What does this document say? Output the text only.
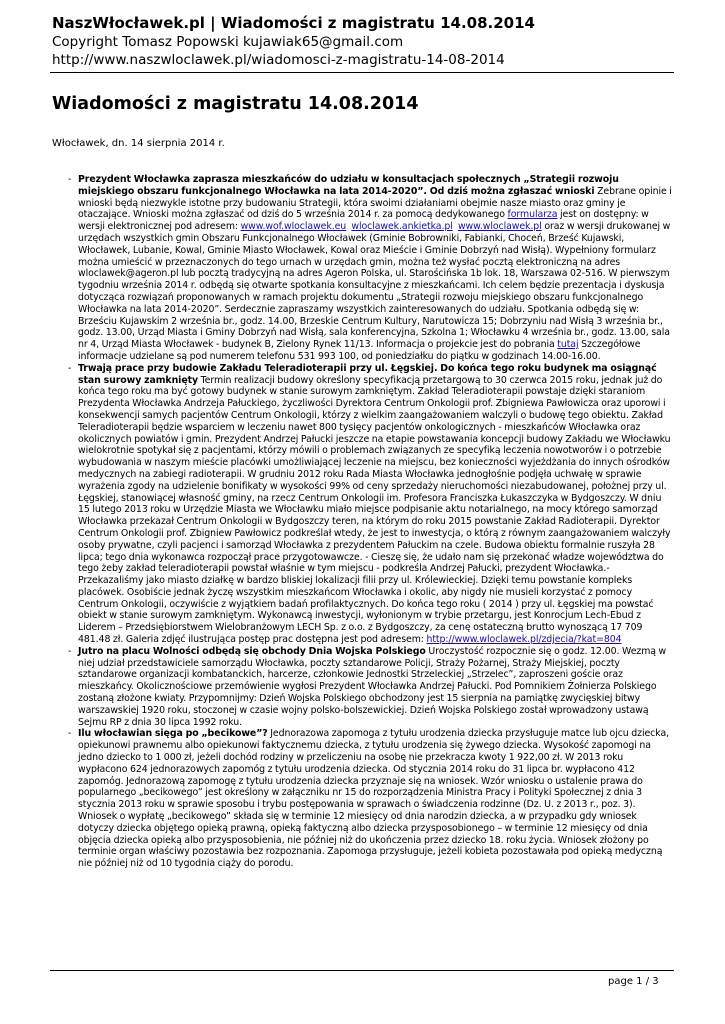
NaszWłocławek.pl | Wiadomości z magistratu 14.08.2014
Copyright Tomasz Popowski kujawiak65@gmail.com
http://www.naszwloclawek.pl/wiadomosci-z-magistratu-14-08-2014
Wiadomości z magistratu 14.08.2014
Włocławek, dn. 14 sierpnia 2014 r.
- Prezydent Włocławka zaprasza mieszkańców do udziału w konsultacjach społecznych „Strategii rozwoju miejskiego obszaru funkcjonalnego Włocławka na lata 2014-2020”. Od dziś można zgłaszać wnioski Zebrane opinie i wnioski będą niezwykle istotne przy budowaniu Strategii, która swoimi działaniami obejmie nasze miasto oraz gminy je otaczające. Wnioski można zgłaszać od dziś do 5 września 2014 r. za pomocą dedykowanego formularza jest on dostępny: w wersji elektronicznej pod adresem: www.wof.wloclawek.eu wloclawek.ankietka.pl www.wloclawek.pl oraz w wersji drukowanej w urzędach wszystkich gmin Obszaru Funkcjonalnego Włocławek (Gminie Bobrowniki, Fabianki, Choceń, Brześć Kujawski, Włocławek, Lubanie, Kowal, Gminie Miasto Włocławek, Kowal oraz Mieście i Gminie Dobrzyń nad Wisłą). Wypełniony formularz można umieścić w przeznaczonych do tego urnach w urzędach gmin, można też wysłać pocztą elektroniczną na adres wloclawek@ageron.pl lub pocztą tradycyjną na adres Ageron Polska, ul. Starościńska 1b lok. 18, Warszawa 02-516. W pierwszym tygodniu września 2014 r. odbędą się otwarte spotkania konsultacyjne z mieszkańcami. Ich celem będzie prezentacja i dyskusja dotycząca rozwiązań proponowanych w ramach projektu dokumentu „Strategii rozwoju miejskiego obszaru funkcjonalnego Włocławka na lata 2014-2020”. Serdecznie zapraszamy wszystkich zainteresowanych do udziału. Spotkania odbędą się w: Brześciu Kujawskim 2 września br., godz. 14.00, Brzeskie Centrum Kultury, Narutowicza 15; Dobrzyniu nad Wisłą 3 września br., godz. 13.00, Urząd Miasta i Gminy Dobrzyń nad Wisłą, sala konferencyjna, Szkolna 1; Włocławku 4 września br., godz. 13.00, sala nr 4, Urząd Miasta Włocławek - budynek B, Zielony Rynek 11/13. Informacja o projekcie jest do pobrania tutaj Szczegółowe informacje udzielane są pod numerem telefonu 531 993 100, od poniedziałku do piątku w godzinach 14.00-16.00.
- Trwają prace przy budowie Zakładu Teleradioterapii przy ul. Łęgskiej. Do końca tego roku budynek ma osiągnąć stan surowy zamknięty Termin realizacji budowy określony specyfikacją przetargową to 30 czerwca 2015 roku, jednak już do końca tego roku ma być gotowy budynek w stanie surowym zamkniętym. Zakład Teleradioterapii powstaje dzięki staraniom Prezydenta Włocławka Andrzeja Pałuckiego, życzliwości Dyrektora Centrum Onkologii prof. Zbigniewa Pawłowicza oraz uporowi i konsekwencji samych pacjentów Centrum Onkologii, którzy z wielkim zaangażowaniem walczyli o budowę tego obiektu. Zakład Teleradioterapii będzie wsparciem w leczeniu nawet 800 tysięcy pacjentów onkologicznych - mieszkańców Włocławka oraz okolicznych powiatów i gmin. Prezydent Andrzej Pałucki jeszcze na etapie powstawania koncepcji budowy Zakładu we Włocławku wielokrotnie spotykał się z pacjentami, którzy mówili o problemach związanych ze specyfiką leczenia nowotworów i o potrzebie wybudowania w naszym mieście placówki umożliwiającej leczenie na miejscu, bez konieczności wyjeżdżania do innych ośrodków medycznych na zabiegi radioterapii. W grudniu 2012 roku Rada Miasta Włocławka jednogłośnie podjęła uchwałę w sprawie wyrażenia zgody na udzielenie bonifikaty w wysokości 99% od ceny sprzedaży nieruchomości niezabudowanej, położnej przy ul. Łęgskiej, stanowiącej własność gminy, na rzecz Centrum Onkologii im. Profesora Franciszka Łukaszczyka w Bydgoszczy. W dniu 15 lutego 2013 roku w Urzędzie Miasta we Włocławku miało miejsce podpisanie aktu notarialnego, na mocy którego samorząd Włocławka przekazał Centrum Onkologii w Bydgoszczy teren, na którym do roku 2015 powstanie Zakład Radioterapii. Dyrektor Centrum Onkologii prof. Zbigniew Pawłowicz podkreślał wtedy, że jest to inwestycja, o którą z równym zaangażowaniem walczyły osoby prywatne, czyli pacjenci i samorząd Włocławka z prezydentem Pałuckim na czele. Budowa obiektu formalnie ruszyła 28 lipca; tego dnia wykonawca rozpoczął prace przygotowawcze. - Cieszę się, że udało nam się przekonać władze województwa do tego żeby zakład teleradioterapii powstał właśnie w tym miejscu - podkreśla Andrzej Pałucki, prezydent Włocławka.- Przekazaliśmy jako miasto działkę w bardzo bliskiej lokalizacji filii przy ul. Królewieckiej. Dzięki temu powstanie kompleks placówek. Osobiście jednak życzę wszystkim mieszkańcom Włocławka i okolic, aby nigdy nie musieli korzystać z pomocy Centrum Onkologii, oczywiście z wyjątkiem badań profilaktycznych. Do końca tego roku ( 2014 ) przy ul. Łęgskiej ma powstać obiekt w stanie surowym zamkniętym. Wykonawcą inwestycji, wyłonionym w trybie przetargu, jest Konrocjum Lech-Ebud z Liderem – Przedsiębiorstwem Wielobranżowym LECH Sp. z o.o. z Bydgoszczy, za cenę ostateczną brutto wynoszącą 17 709 481.48 zł. Galeria zdjęć ilustrująca postęp prac dostępna jest pod adresem: http://www.wloclawek.pl/zdjecia/?kat=804
- Jutro na placu Wolności odbędą się obchody Dnia Wojska Polskiego Uroczystość rozpocznie się o godz. 12.00. Wezmą w niej udział przedstawiciele samorządu Włocławka, poczty sztandarowe Policji, Straży Pożarnej, Straży Miejskiej, poczty sztandarowe organizacji kombatanckich, harcerze, członkowie Jednostki Strzeleckiej „Strzelec”, zaproszeni goście oraz mieszkańcy. Okolicznościowe przemówienie wygłosi Prezydent Włocławka Andrzej Pałucki. Pod Pomnikiem Żołnierza Polskiego zostaną złożone kwiaty. Przypomnijmy: Dzień Wojska Polskiego obchodzony jest 15 sierpnia na pamiątkę zwycięskiej bitwy warszawskiej 1920 roku, stoczonej w czasie wojny polsko-bolszewickiej. Dzień Wojska Polskiego został wprowadzony ustawą Sejmu RP z dnia 30 lipca 1992 roku.
- Ilu włocławian sięga po „becikowe”? Jednorazowa zapomoga z tytułu urodzenia dziecka przysługuje matce lub ojcu dziecka, opiekunowi prawnemu albo opiekunowi faktycznemu dziecka, z tytułu urodzenia się żywego dziecka. Wysokość zapomogi na jedno dziecko to 1 000 zł, jeżeli dochód rodziny w przeliczeniu na osobę nie przekracza kwoty 1 922,00 zł. W 2013 roku wypłacono 624 jednorazowych zapomóg z tytułu urodzenia dziecka. Od stycznia 2014 roku do 31 lipca br. wypłacono 412 zapomóg. Jednorazową zapomogę z tytułu urodzenia dziecka przyznaje się na wniosek. Wzór wniosku o ustalenie prawa do popularnego „becikowego” jest określony w załączniku nr 15 do rozporządzenia Ministra Pracy i Polityki Społecznej z dnia 3 stycznia 2013 roku w sprawie sposobu i trybu postępowania w sprawach o świadczenia rodzinne (Dz. U. z 2013 r., poz. 3). Wniosek o wypłatę „becikowego” składa się w terminie 12 miesięcy od dnia narodzin dziecka, a w przypadku gdy wniosek dotyczy dziecka objętego opieką prawną, opieką faktyczną albo dziecka przysposobionego – w terminie 12 miesięcy od dnia objęcia dziecka opieką albo przysposobienia, nie później niż do ukończenia przez dziecko 18. roku życia. Wniosek złożony po terminie organ właściwy pozostawia bez rozpoznania. Zapomoga przysługuje, jeżeli kobieta pozostawała pod opieką medyczną nie później niż od 10 tygodnia ciąży do porodu.
page 1 / 3
